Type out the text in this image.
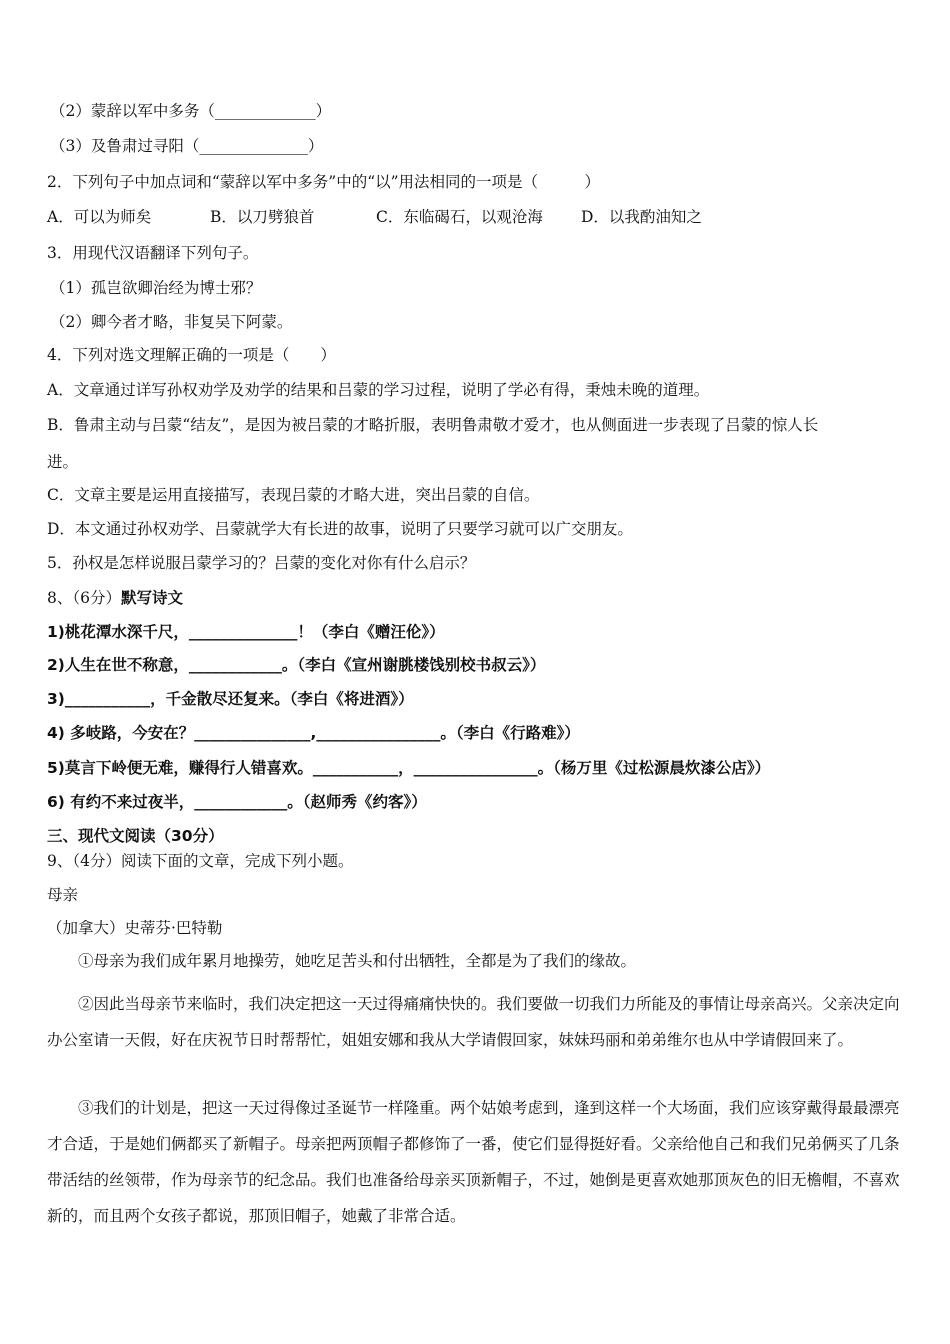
（2）蒙辞以军中多务（_____________）
（3）及鲁肃过寻阳（______________）
2．下列句子中加点词和“蒙辞以军中多务”中的“以”用法相同的一项是（　　　）
A．可以为师矣	B．以刀劈狼首	C．东临碣石，以观沧海 D．以我酌油知之
3．用现代汉语翻译下列句子。
（1）孤岂欲卿治经为博士邪？
（2）卿今者才略，非复吴下阿蒙。
4．下列对选文理解正确的一项是（　　）
A．文章通过详写孙权劝学及劝学的结果和吕蒙的学习过程，说明了学必有得，秉烛未晚的道理。
B．鲁肃主动与吕蒙“结友”，是因为被吕蒙的才略折服，表明鲁肃敬才爱才，也从侧面进一步表现了吕蒙的惊人长
进。
C．文章主要是运用直接描写，表现吕蒙的才略大进，突出吕蒙的自信。
D．本文通过孙权劝学、吕蒙就学大有长进的故事，说明了只要学习就可以广交朋友。
5．孙权是怎样说服吕蒙学习的？吕蒙的变化对你有什么启示？
8、（6分）默写诗文
1)桃花潭水深千尺，______________！（李白《赠汪伦》）
2)人生在世不称意，____________。（李白《宣州谢朓楼饯别校书叔云》）
3)___________，千金散尽还复来。（李白《将进酒》）
4) 多岐路，今安在？_______________,________________。（李白《行路难》）
5)莫言下岭便无难，赚得行人错喜欢。___________，________________。（杨万里《过松源晨炊漆公店》）
6) 有约不来过夜半，____________。（赵师秀《约客》）
三、现代文阅读（30分）
9、（4分）阅读下面的文章，完成下列小题。
母亲
（加拿大）史蒂芬·巴特勒
①母亲为我们成年累月地操劳，她吃足苦头和付出牺牲，全都是为了我们的缘故。
②因此当母亲节来临时，我们决定把这一天过得痛痛快快的。我们要做一切我们力所能及的事情让母亲高兴。父亲决定向办公室请一天假，好在庆祝节日时帮帮忙，姐姐安娜和我从大学请假回家，妹妹玛丽和弟弟维尔也从中学请假回来了。
③我们的计划是，把这一天过得像过圣诞节一样隆重。两个姑娘考虑到，逢到这样一个大场面，我们应该穿戴得最最漂亮才合适，于是她们俩都买了新帽子。母亲把两顶帽子都修饰了一番，使它们显得挺好看。父亲给他自己和我们兄弟俩买了几条带活结的丝领带，作为母亲节的纪念品。我们也准备给母亲买顶新帽子，不过，她倒是更喜欢她那顶灰色的旧无檐帽，不喜欢新的，而且两个女孩子都说，那顶旧帽子，她戴了非常合适。
